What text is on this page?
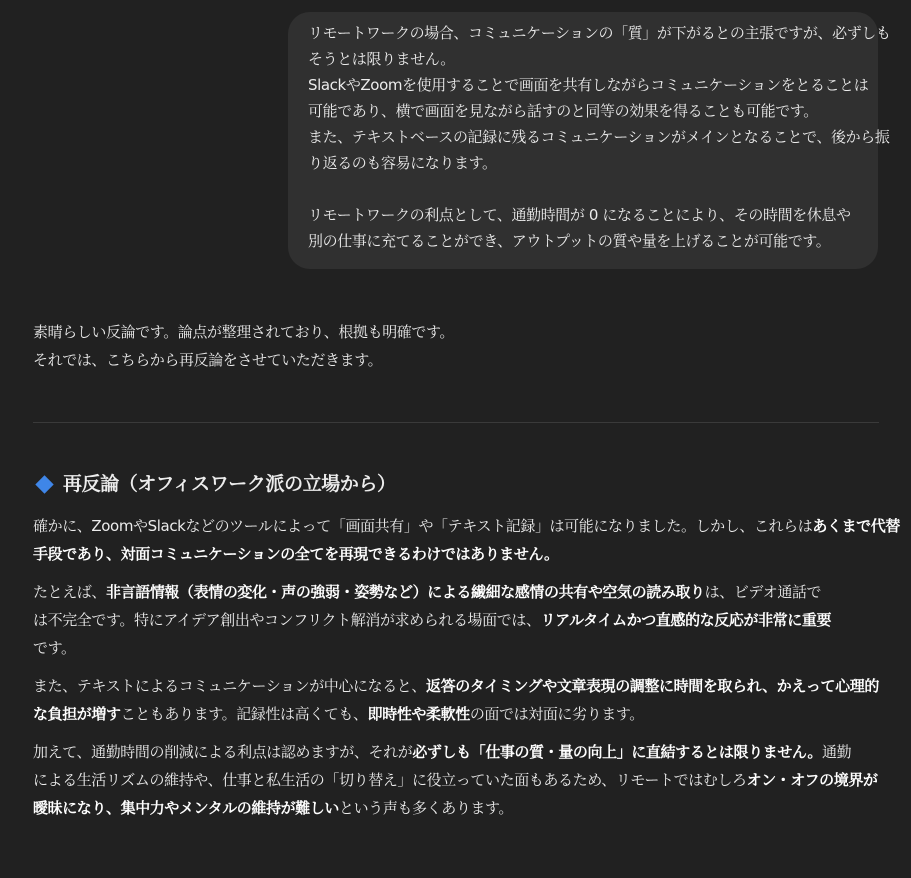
リモートワークの場合、コミュニケーションの「質」が下がるとの主張ですが、必ずしも

そうとは限りません。

SlackやZoomを使用することで画面を共有しながらコミュニケーションをとることは

可能であり、横で画面を見ながら話すのと同等の効果を得ることも可能です。

また、テキストベースの記録に残るコミュニケーションがメインとなることで、後から振

り返るのも容易になります。

リモートワークの利点として、通勤時間が 0 になることにより、その時間を休息や

別の仕事に充てることができ、アウトプットの質や量を上げることが可能です。

素晴らしい反論です。論点が整理されており、根拠も明確です。

それでは、こちらから再反論をさせていただきます。

再反論（オフィスワーク派の立場から）
確かに、ZoomやSlackなどのツールによって「画面共有」や「テキスト記録」は可能になりました。しかし、これらはあくまで代替
手段であり、対面コミュニケーションの全てを再現できるわけではありません。
たとえば、非言語情報（表情の変化・声の強弱・姿勢など）による繊細な感情の共有や空気の読み取りは、ビデオ通話で
は不完全です。特にアイデア創出やコンフリクト解消が求められる場面では、リアルタイムかつ直感的な反応が非常に重要
です。
また、テキストによるコミュニケーションが中心になると、返答のタイミングや文章表現の調整に時間を取られ、かえって心理的
な負担が増すこともあります。記録性は高くても、即時性や柔軟性の面では対面に劣ります。
加えて、通勤時間の削減による利点は認めますが、それが必ずしも「仕事の質・量の向上」に直結するとは限りません。通勤
による生活リズムの維持や、仕事と私生活の「切り替え」に役立っていた面もあるため、リモートではむしろオン・オフの境界が
曖昧になり、集中力やメンタルの維持が難しいという声も多くあります。
